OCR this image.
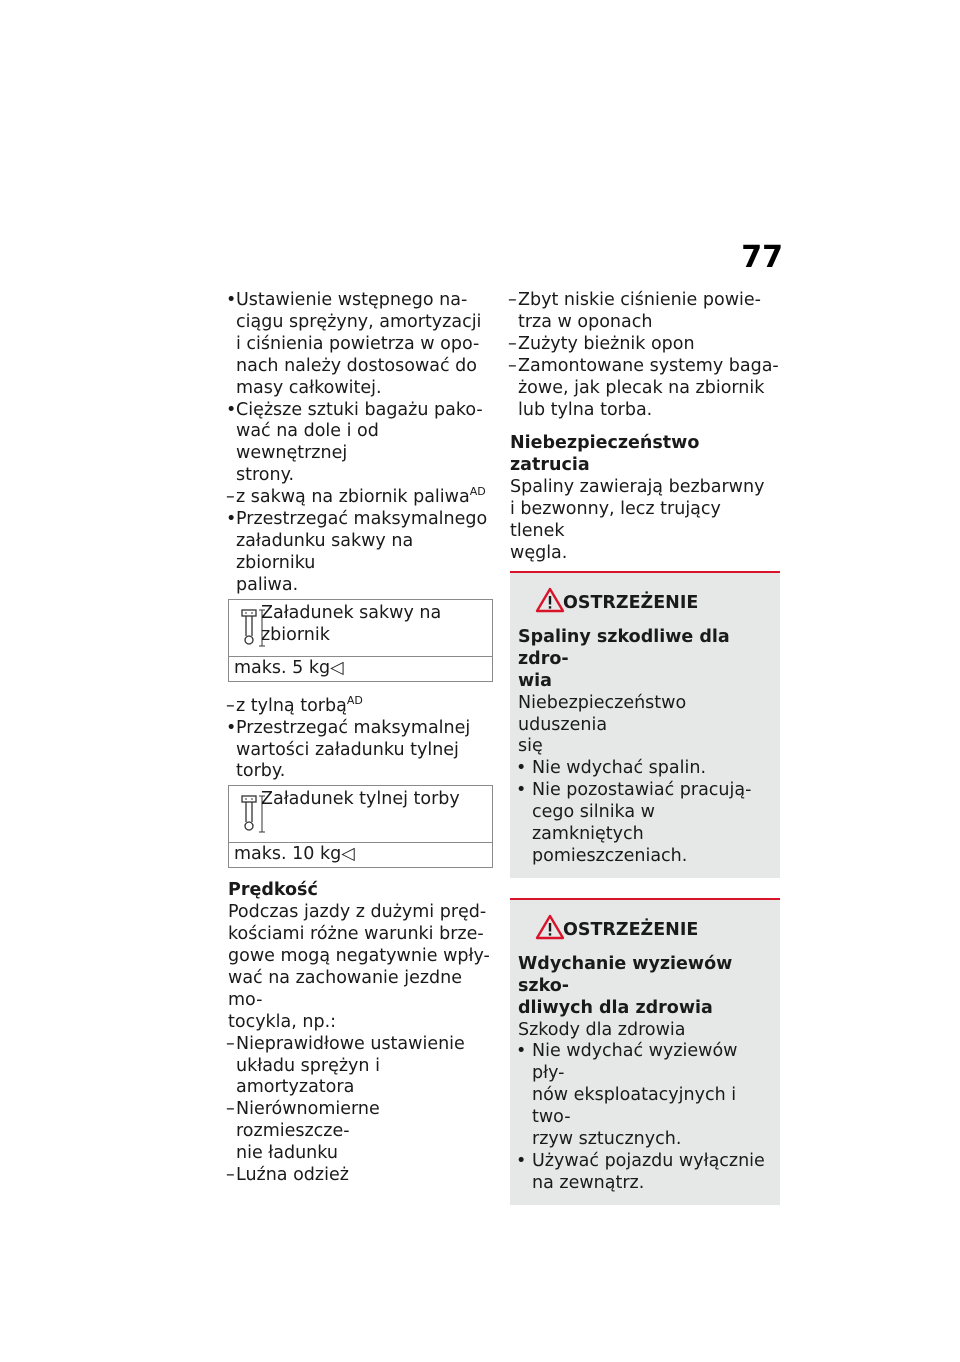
77
• Ustawienie wstępnego na-
ciągu sprężyny, amortyzacji
i ciśnienia powietrza w opo-
nach należy dostosować do
masy całkowitej.
• Cięższe sztuki bagażu pako-
wać na dole i od wewnętrznej
strony.
– z sakwą na zbiornik paliwa$^{AD}$
• Przestrzegać maksymalnego
załadunku sakwy na zbiorniku
paliwa.
Załadunek sakwy na
zbiornik
maks. 5 kg◁
– z tylną torbą$^{AD}$
• Przestrzegać maksymalnej
wartości załadunku tylnej
torby.
Załadunek tylnej torby
maks. 10 kg◁
Prędkość
Podczas jazdy z dużymi pręd-
kościami różne warunki brze-
gowe mogą negatywnie wpły-
wać na zachowanie jezdne mo-
tocykla, np.:
– Nieprawidłowe ustawienie
układu sprężyn i amortyzatora
– Nierównomierne rozmieszcze-
nie ładunku
– Luźna odzież
– Zbyt niskie ciśnienie powie-
trza w oponach
– Zużyty bieżnik opon
– Zamontowane systemy baga-
żowe, jak plecak na zbiornik
lub tylna torba.
Niebezpieczeństwo zatrucia
Spaliny zawierają bezbarwny
i bezwonny, lecz trujący tlenek
węgla.
OSTRZEŻENIE

Spaliny szkodliwe dla zdro-
wia

Niebezpieczeństwo uduszenia
się

• Nie wdychać spalin.
• Nie pozostawiać pracują-
cego silnika w zamkniętych
pomieszczeniach.
OSTRZEŻENIE

Wdychanie wyziewów szko-
dliwych dla zdrowia

Szkody dla zdrowia

• Nie wdychać wyziewów pły-
nów eksploatacyjnych i two-
rzyw sztucznych.
• Używać pojazdu wyłącznie
na zewnątrz.
